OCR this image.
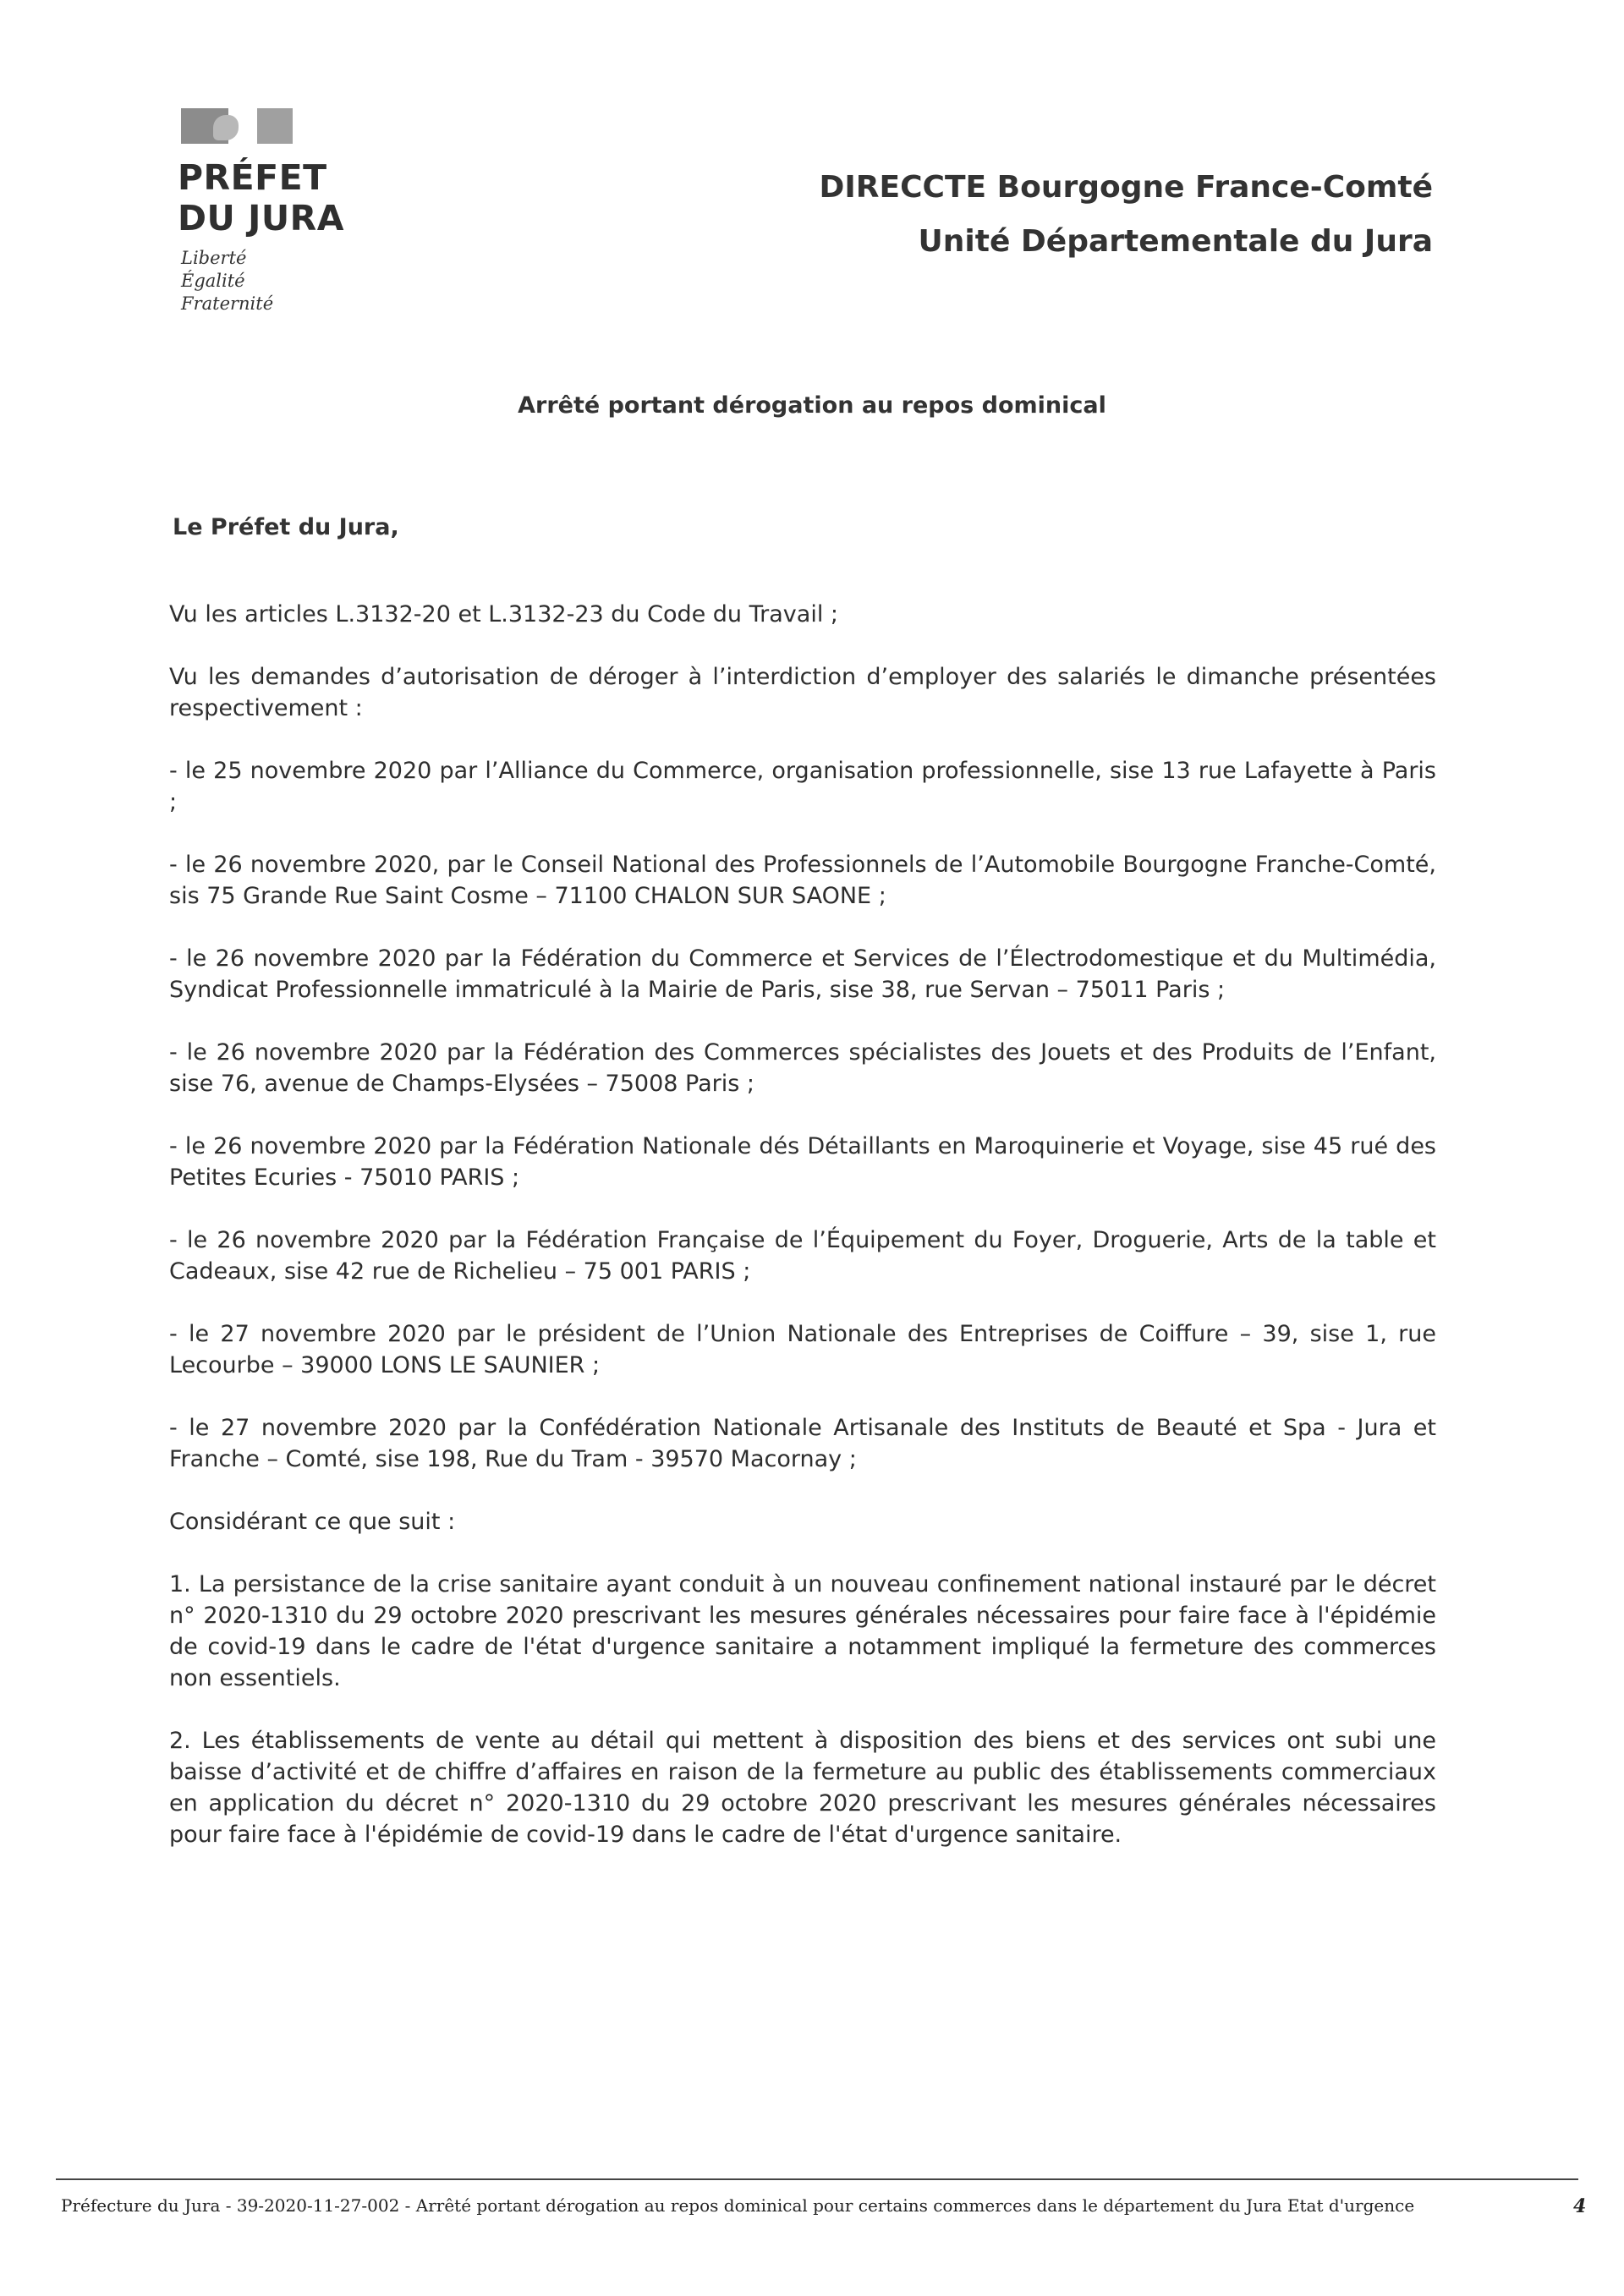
PRÉFET
DU JURA
Liberté
Égalité
Fraternité
DIRECCTE Bourgogne France-Comté
Unité Départementale du Jura
Arrêté portant dérogation au repos dominical
Le Préfet du Jura,

Vu les articles L.3132-20 et L.3132-23 du Code du Travail ;

Vu les demandes d’autorisation de déroger à l’interdiction d’employer des salariés le dimanche présentées respectivement :

- le 25 novembre 2020 par l’Alliance du Commerce, organisation professionnelle, sise 13 rue Lafayette à Paris ;

- le 26 novembre 2020, par le Conseil National des Professionnels de l’Automobile Bourgogne Franche-Comté, sis 75 Grande Rue Saint Cosme – 71100 CHALON SUR SAONE ;

- le 26 novembre 2020 par la Fédération du Commerce et Services de l’Électrodomestique et du Multimédia, Syndicat Professionnelle immatriculé à la Mairie de Paris, sise 38, rue Servan – 75011 Paris ;

- le 26 novembre 2020 par la Fédération des Commerces spécialistes des Jouets et des Produits de l’Enfant, sise 76, avenue de Champs-Elysées – 75008 Paris ;

- le 26 novembre 2020 par la Fédération Nationale dés Détaillants en Maroquinerie et Voyage, sise 45 rué des Petites Ecuries - 75010 PARIS ;

- le 26 novembre 2020 par la Fédération Française de l’Équipement du Foyer, Droguerie, Arts de la table et Cadeaux, sise 42 rue de Richelieu – 75 001 PARIS ;

- le 27 novembre 2020 par le président de l’Union Nationale des Entreprises de Coiffure – 39, sise 1, rue Lecourbe – 39000 LONS LE SAUNIER ;

- le 27 novembre 2020 par la Confédération Nationale Artisanale des Instituts de Beauté et Spa - Jura et Franche – Comté, sise 198, Rue du Tram - 39570 Macornay ;

Considérant ce que suit :

1. La persistance de la crise sanitaire ayant conduit à un nouveau confinement national instauré par le décret n° 2020-1310 du 29 octobre 2020 prescrivant les mesures générales nécessaires pour faire face à l'épidémie de covid-19 dans le cadre de l'état d'urgence sanitaire a notamment impliqué la fermeture des commerces non essentiels.

2. Les établissements de vente au détail qui mettent à disposition des biens et des services ont subi une baisse d’activité et de chiffre d’affaires en raison de la fermeture au public des établissements commerciaux en application du décret n° 2020-1310 du 29 octobre 2020 prescrivant les mesures générales nécessaires pour faire face à l'épidémie de covid-19 dans le cadre de l'état d'urgence sanitaire.

Préfecture du Jura - 39-2020-11-27-002 - Arrêté portant dérogation au repos dominical pour certains commerces dans le département du Jura Etat d'urgence	4
